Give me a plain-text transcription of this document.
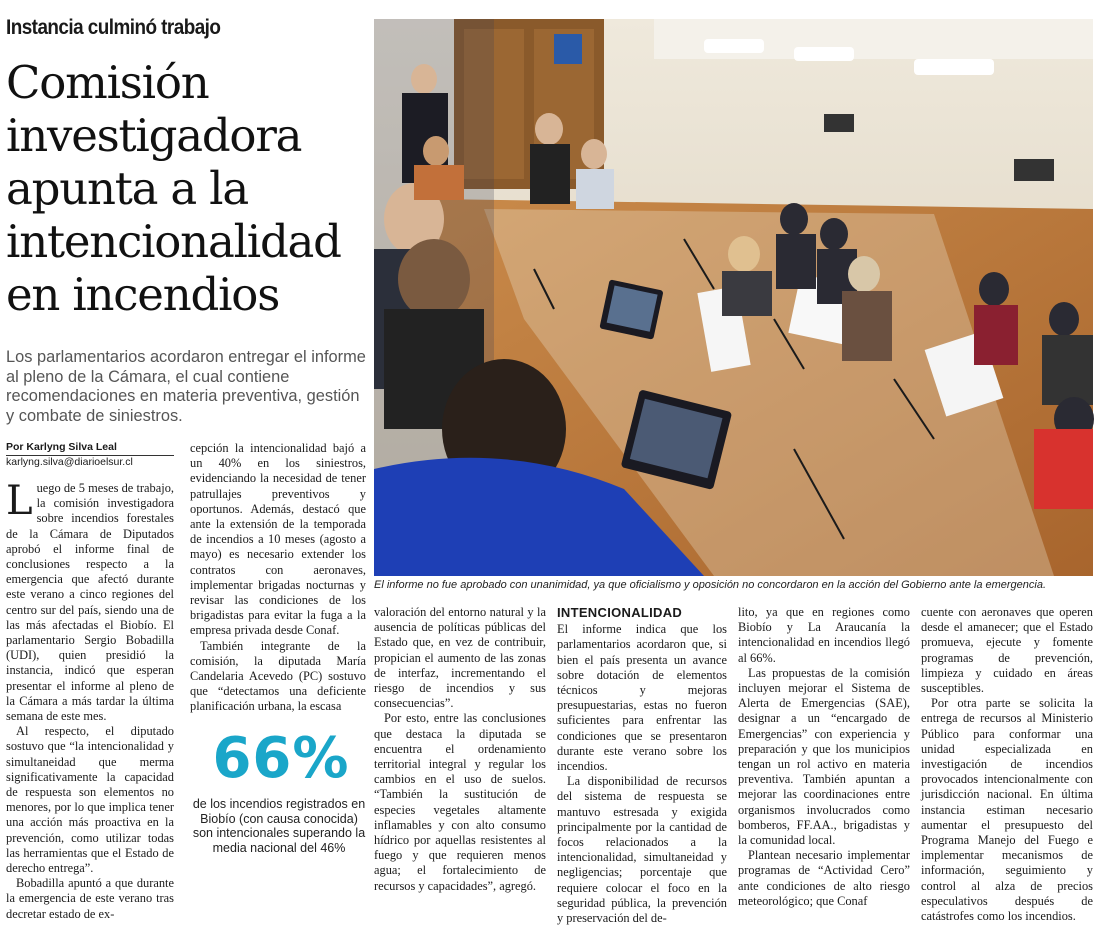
Instancia culminó trabajo
Comisión investigadora apunta a la intencionalidad en incendios
Los parlamentarios acordaron entregar el informe al pleno de la Cámara, el cual contiene recomendaciones en materia preventiva, gestión y combate de siniestros.
Por Karlyng Silva Leal
karlyng.silva@diarioelsur.cl

Luego de 5 meses de trabajo, la comisión investigadora sobre incendios forestales de la Cámara de Diputados aprobó el informe final de conclusiones respecto a la emergencia que afectó durante este verano a cinco regiones del centro sur del país, siendo una de las más afectadas el Biobío. El parlamentario Sergio Bobadilla (UDI), quien presidió la instancia, indicó que esperan presentar el informe al pleno de la Cámara a más tardar la última semana de este mes.

Al respecto, el diputado sostuvo que “la intencionalidad y simultaneidad que merma significativamente la capacidad de respuesta son elementos no menores, por lo que implica tener una acción más proactiva en la prevención, como utilizar todas las herramientas que el Estado de derecho entrega”.

Bobadilla apuntó a que durante la emergencia de este verano tras decretar estado de ex-

cepción la intencionalidad bajó a un 40% en los siniestros, evidenciando la necesidad de tener patrullajes preventivos y oportunos. Además, destacó que ante la extensión de la temporada de incendios a 10 meses (agosto a mayo) es necesario extender los contratos con aeronaves, implementar brigadas nocturnas y revisar las condiciones de los brigadistas para evitar la fuga a la empresa privada desde Conaf.

También integrante de la comisión, la diputada María Candelaria Acevedo (PC) sostuvo que “detectamos una deficiente planificación urbana, la escasa

66%
de los incendios registrados en Biobío (con causa conocida) son intencionales superando la media nacional del 46%
El informe no fue aprobado con unanimidad, ya que oficialismo y oposición no concordaron en la acción del Gobierno ante la emergencia.

valoración del entorno natural y la ausencia de políticas públicas del Estado que, en vez de contribuir, propician el aumento de las zonas de interfaz, incrementando el riesgo de incendios y sus consecuencias”.

Por esto, entre las conclusiones que destaca la diputada se encuentra el ordenamiento territorial integral y regular los cambios en el uso de suelos. “También la sustitución de especies vegetales altamente inflamables y con alto consumo hídrico por aquellas resistentes al fuego y que requieren menos agua; el fortalecimiento de recursos y capacidades”, agregó.

INTENCIONALIDAD

El informe indica que los parlamentarios acordaron que, si bien el país presenta un avance sobre dotación de elementos técnicos y mejoras presupuestarias, estas no fueron suficientes para enfrentar las condiciones que se presentaron durante este verano sobre los incendios.

La disponibilidad de recursos del sistema de respuesta se mantuvo estresada y exigida principalmente por la cantidad de focos relacionados a la intencionalidad, simultaneidad y negligencias; porcentaje que requiere colocar el foco en la seguridad pública, la prevención y preservación del de-

lito, ya que en regiones como Biobío y La Araucanía la intencionalidad en incendios llegó al 66%.

Las propuestas de la comisión incluyen mejorar el Sistema de Alerta de Emergencias (SAE), designar a un “encargado de Emergencias” con experiencia y preparación y que los municipios tengan un rol activo en materia preventiva. También apuntan a mejorar las coordinaciones entre organismos involucrados como bomberos, FF.AA., brigadistas y la comunidad local.

Plantean necesario implementar programas de “Actividad Cero” ante condiciones de alto riesgo meteorológico; que Conaf

cuente con aeronaves que operen desde el amanecer; que el Estado promueva, ejecute y fomente programas de prevención, limpieza y cuidado en áreas susceptibles.

Por otra parte se solicita la entrega de recursos al Ministerio Público para conformar una unidad especializada en investigación de incendios provocados intencionalmente con jurisdicción nacional. En última instancia estiman necesario aumentar el presupuesto del Programa Manejo del Fuego e implementar mecanismos de información, seguimiento y control al alza de precios especulativos después de catástrofes como los incendios.
